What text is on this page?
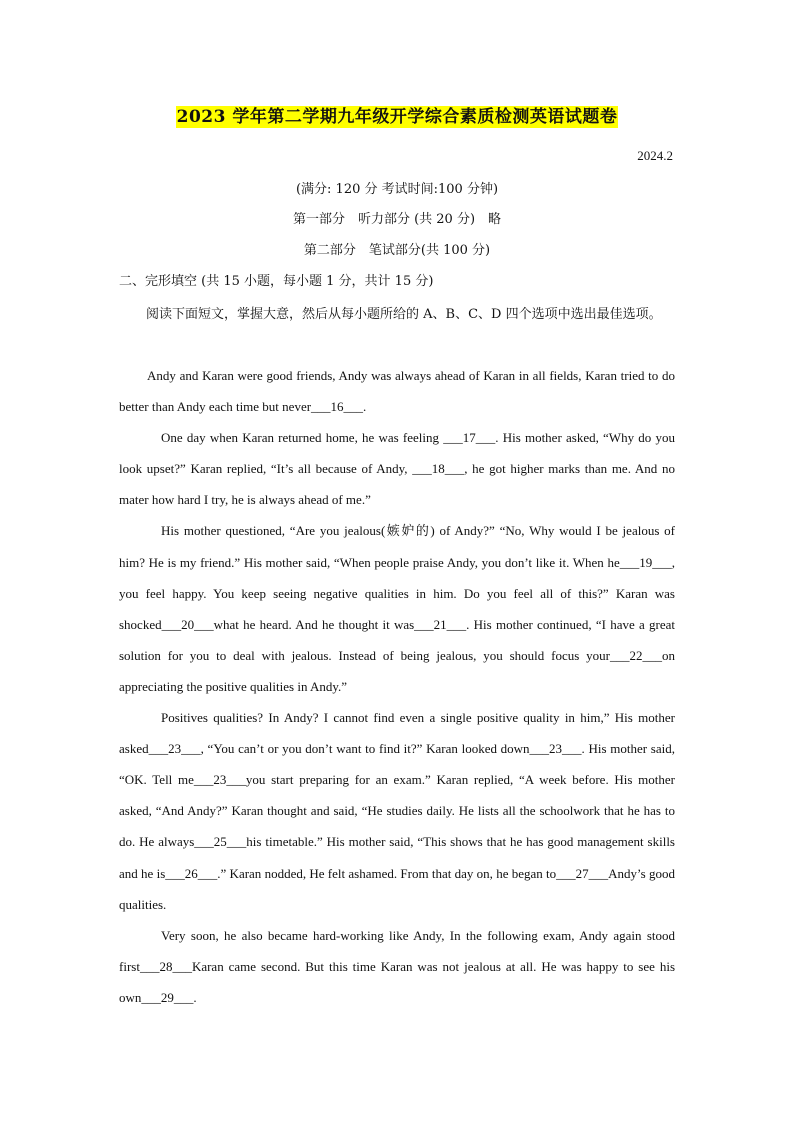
2023 学年第二学期九年级开学综合素质检测英语试题卷
2024.2
(满分: 120 分 考试时间:100 分钟)
第一部分　听力部分 (共 20 分)　略
第二部分　笔试部分(共 100 分)
二、完形填空 (共 15 小题，每小题 1 分，共计 15 分)

阅读下面短文，掌握大意，然后从每小题所给的 A、B、C、D 四个选项中选出最佳选项。

Andy and Karan were good friends, Andy was always ahead of Karan in all fields, Karan tried to do better than Andy each time but never___16___.

One day when Karan returned home, he was feeling ___17___. His mother asked, “Why do you look upset?” Karan replied, “It’s all because of Andy, ___18___, he got higher marks than me. And no mater how hard I try, he is always ahead of me.”

His mother questioned, “Are you jealous(嫉妒的) of Andy?” “No, Why would I be jealous of him? He is my friend.” His mother said, “When people praise Andy, you don’t like it. When he___19___, you feel happy. You keep seeing negative qualities in him. Do you feel all of this?” Karan was shocked___20___what he heard. And he thought it was___21___. His mother continued, “I have a great solution for you to deal with jealous. Instead of being jealous, you should focus your___22___on appreciating the positive qualities in Andy.”

Positives qualities? In Andy? I cannot find even a single positive quality in him,” His mother asked___23___, “You can’t or you don’t want to find it?” Karan looked down___23___. His mother said, “OK. Tell me___23___you start preparing for an exam.” Karan replied, “A week before. His mother asked, “And Andy?” Karan thought and said, “He studies daily. He lists all the schoolwork that he has to do. He always___25___his timetable.” His mother said, “This shows that he has good management skills and he is___26___.” Karan nodded, He felt ashamed. From that day on, he began to___27___Andy’s good qualities.

Very soon, he also became hard-working like Andy, In the following exam, Andy again stood first___28___Karan came second. But this time Karan was not jealous at all. He was happy to see his own___29___.
